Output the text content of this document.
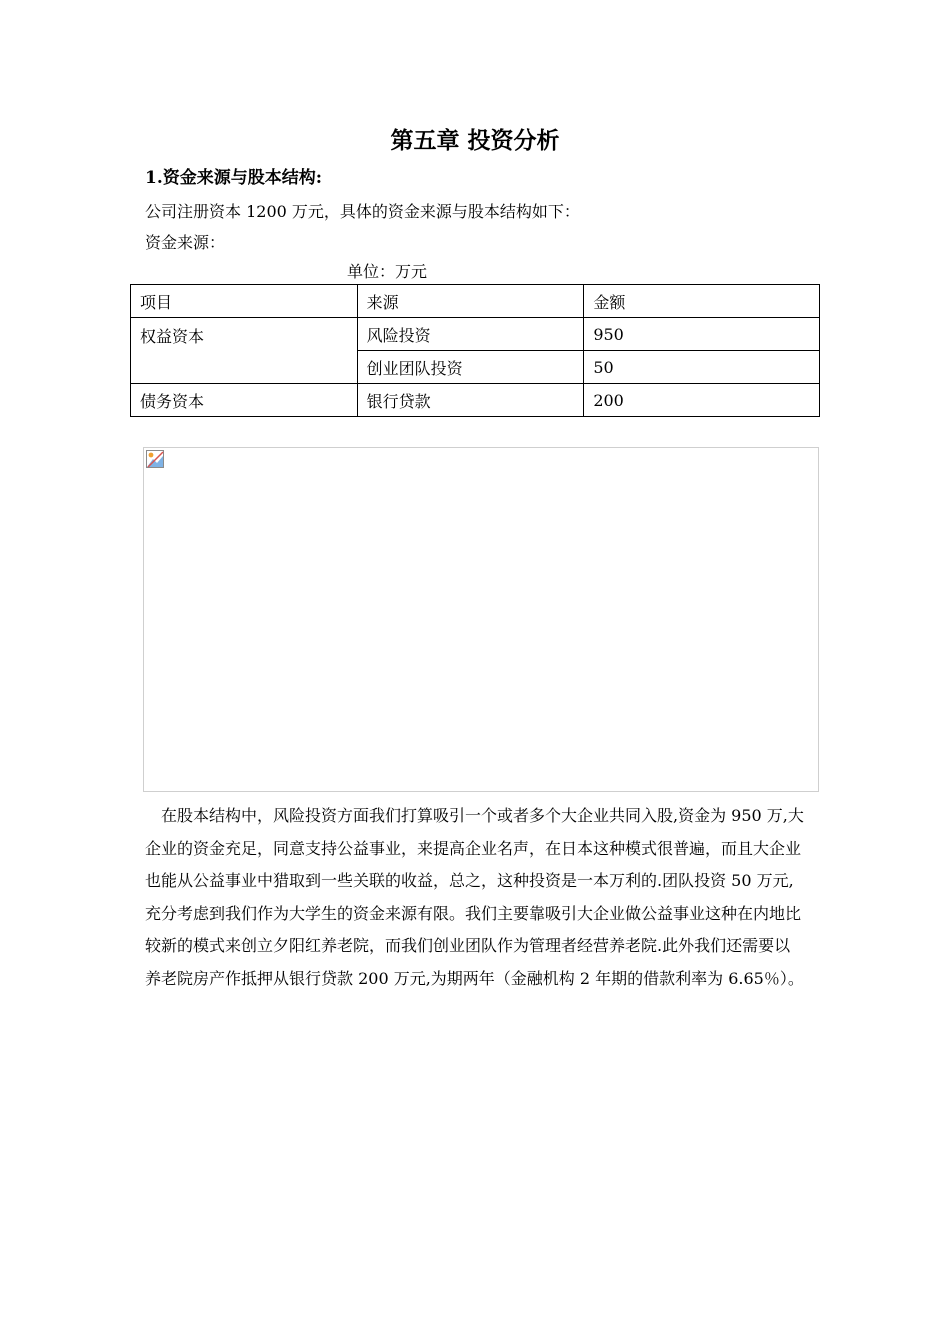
第五章 投资分析
1.资金来源与股本结构:
公司注册资本 1200 万元，具体的资金来源与股本结构如下：
资金来源：
单位：万元
项目	来源	金额
权益资本	风险投资	950
	创业团队投资	50
债务资本	银行贷款	200
在股本结构中，风险投资方面我们打算吸引一个或者多个大企业共同入股,资金为 950 万,大企业的资金充足，同意支持公益事业，来提高企业名声，在日本这种模式很普遍，而且大企业也能从公益事业中猎取到一些关联的收益，总之，这种投资是一本万利的.团队投资 50 万元,充分考虑到我们作为大学生的资金来源有限。我们主要靠吸引大企业做公益事业这种在内地比较新的模式来创立夕阳红养老院，而我们创业团队作为管理者经营养老院.此外我们还需要以养老院房产作抵押从银行贷款 200 万元,为期两年（金融机构 2 年期的借款利率为 6.65％）。
